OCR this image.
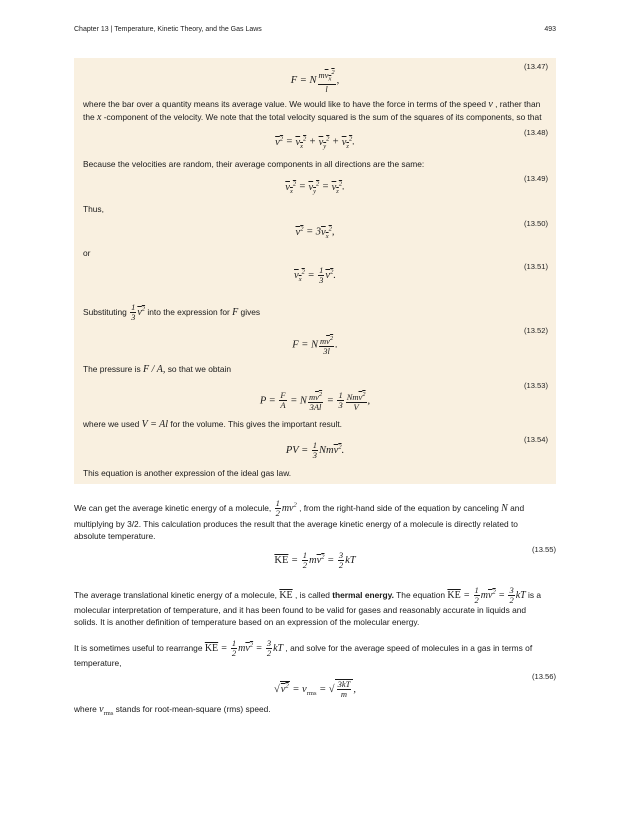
Chapter 13 | Temperature, Kinetic Theory, and the Gas Laws	493
F = N $\frac{mv_x^2}{l}$ ,
(13.47)
where the bar over a quantity means its average value. We would like to have the force in terms of the speed v , rather than
the x -component of the velocity. We note that the total velocity squared is the sum of the squares of its components, so that
$v^2 = v_x^2 + v_y^2 + v_z^2$.
(13.48)
Because the velocities are random, their average components in all directions are the same:
$v_x^2 = v_y^2 = v_z^2$.
(13.49)
Thus,
$v^2 = 3v_x^2$,
(13.50)
or
$v_x^2 = \frac{1}{3} v^2$.
(13.51)
Substituting $\frac{1}{3} v^2$ into the expression for F gives
F = N $\frac{mv^2}{3l}$ .
(13.52)
The pressure is F / A, so that we obtain
$P = \frac{F}{A} = N \frac{mv^2}{3Al} = \frac{1}{3} \frac{Nmv^2}{V}$ ,
(13.53)
where we used V = Al for the volume. This gives the important result.
PV = $\frac{1}{3} Nmv^2$.
(13.54)
This equation is another expression of the ideal gas law.
We can get the average kinetic energy of a molecule, $\frac{1}{2} mv^2$ , from the right-hand side of the equation by canceling N and
multiplying by 3/2. This calculation produces the result that the average kinetic energy of a molecule is directly related to
absolute temperature.
$\overline{KE} = \frac{1}{2} mv^2 = \frac{3}{2}$ kT
(13.55)
The average translational kinetic energy of a molecule, $\overline{KE}$ , is called thermal energy. The equation $\overline{KE} = \frac{1}{2} mv^2 = \frac{3}{2}$ kT is a
molecular interpretation of temperature, and it has been found to be valid for gases and reasonably accurate in liquids and
solids. It is another definition of temperature based on an expression of the molecular energy.
It is sometimes useful to rearrange $\overline{KE} = \frac{1}{2} mv^2 = \frac{3}{2}$ kT , and solve for the average speed of molecules in a gas in terms of
temperature,
$√v^2 = v_{rms}$ = √ $\frac{3kT}{m}$ ,
(13.56)
where $v_{rms}$ stands for root-mean-square (rms) speed.
